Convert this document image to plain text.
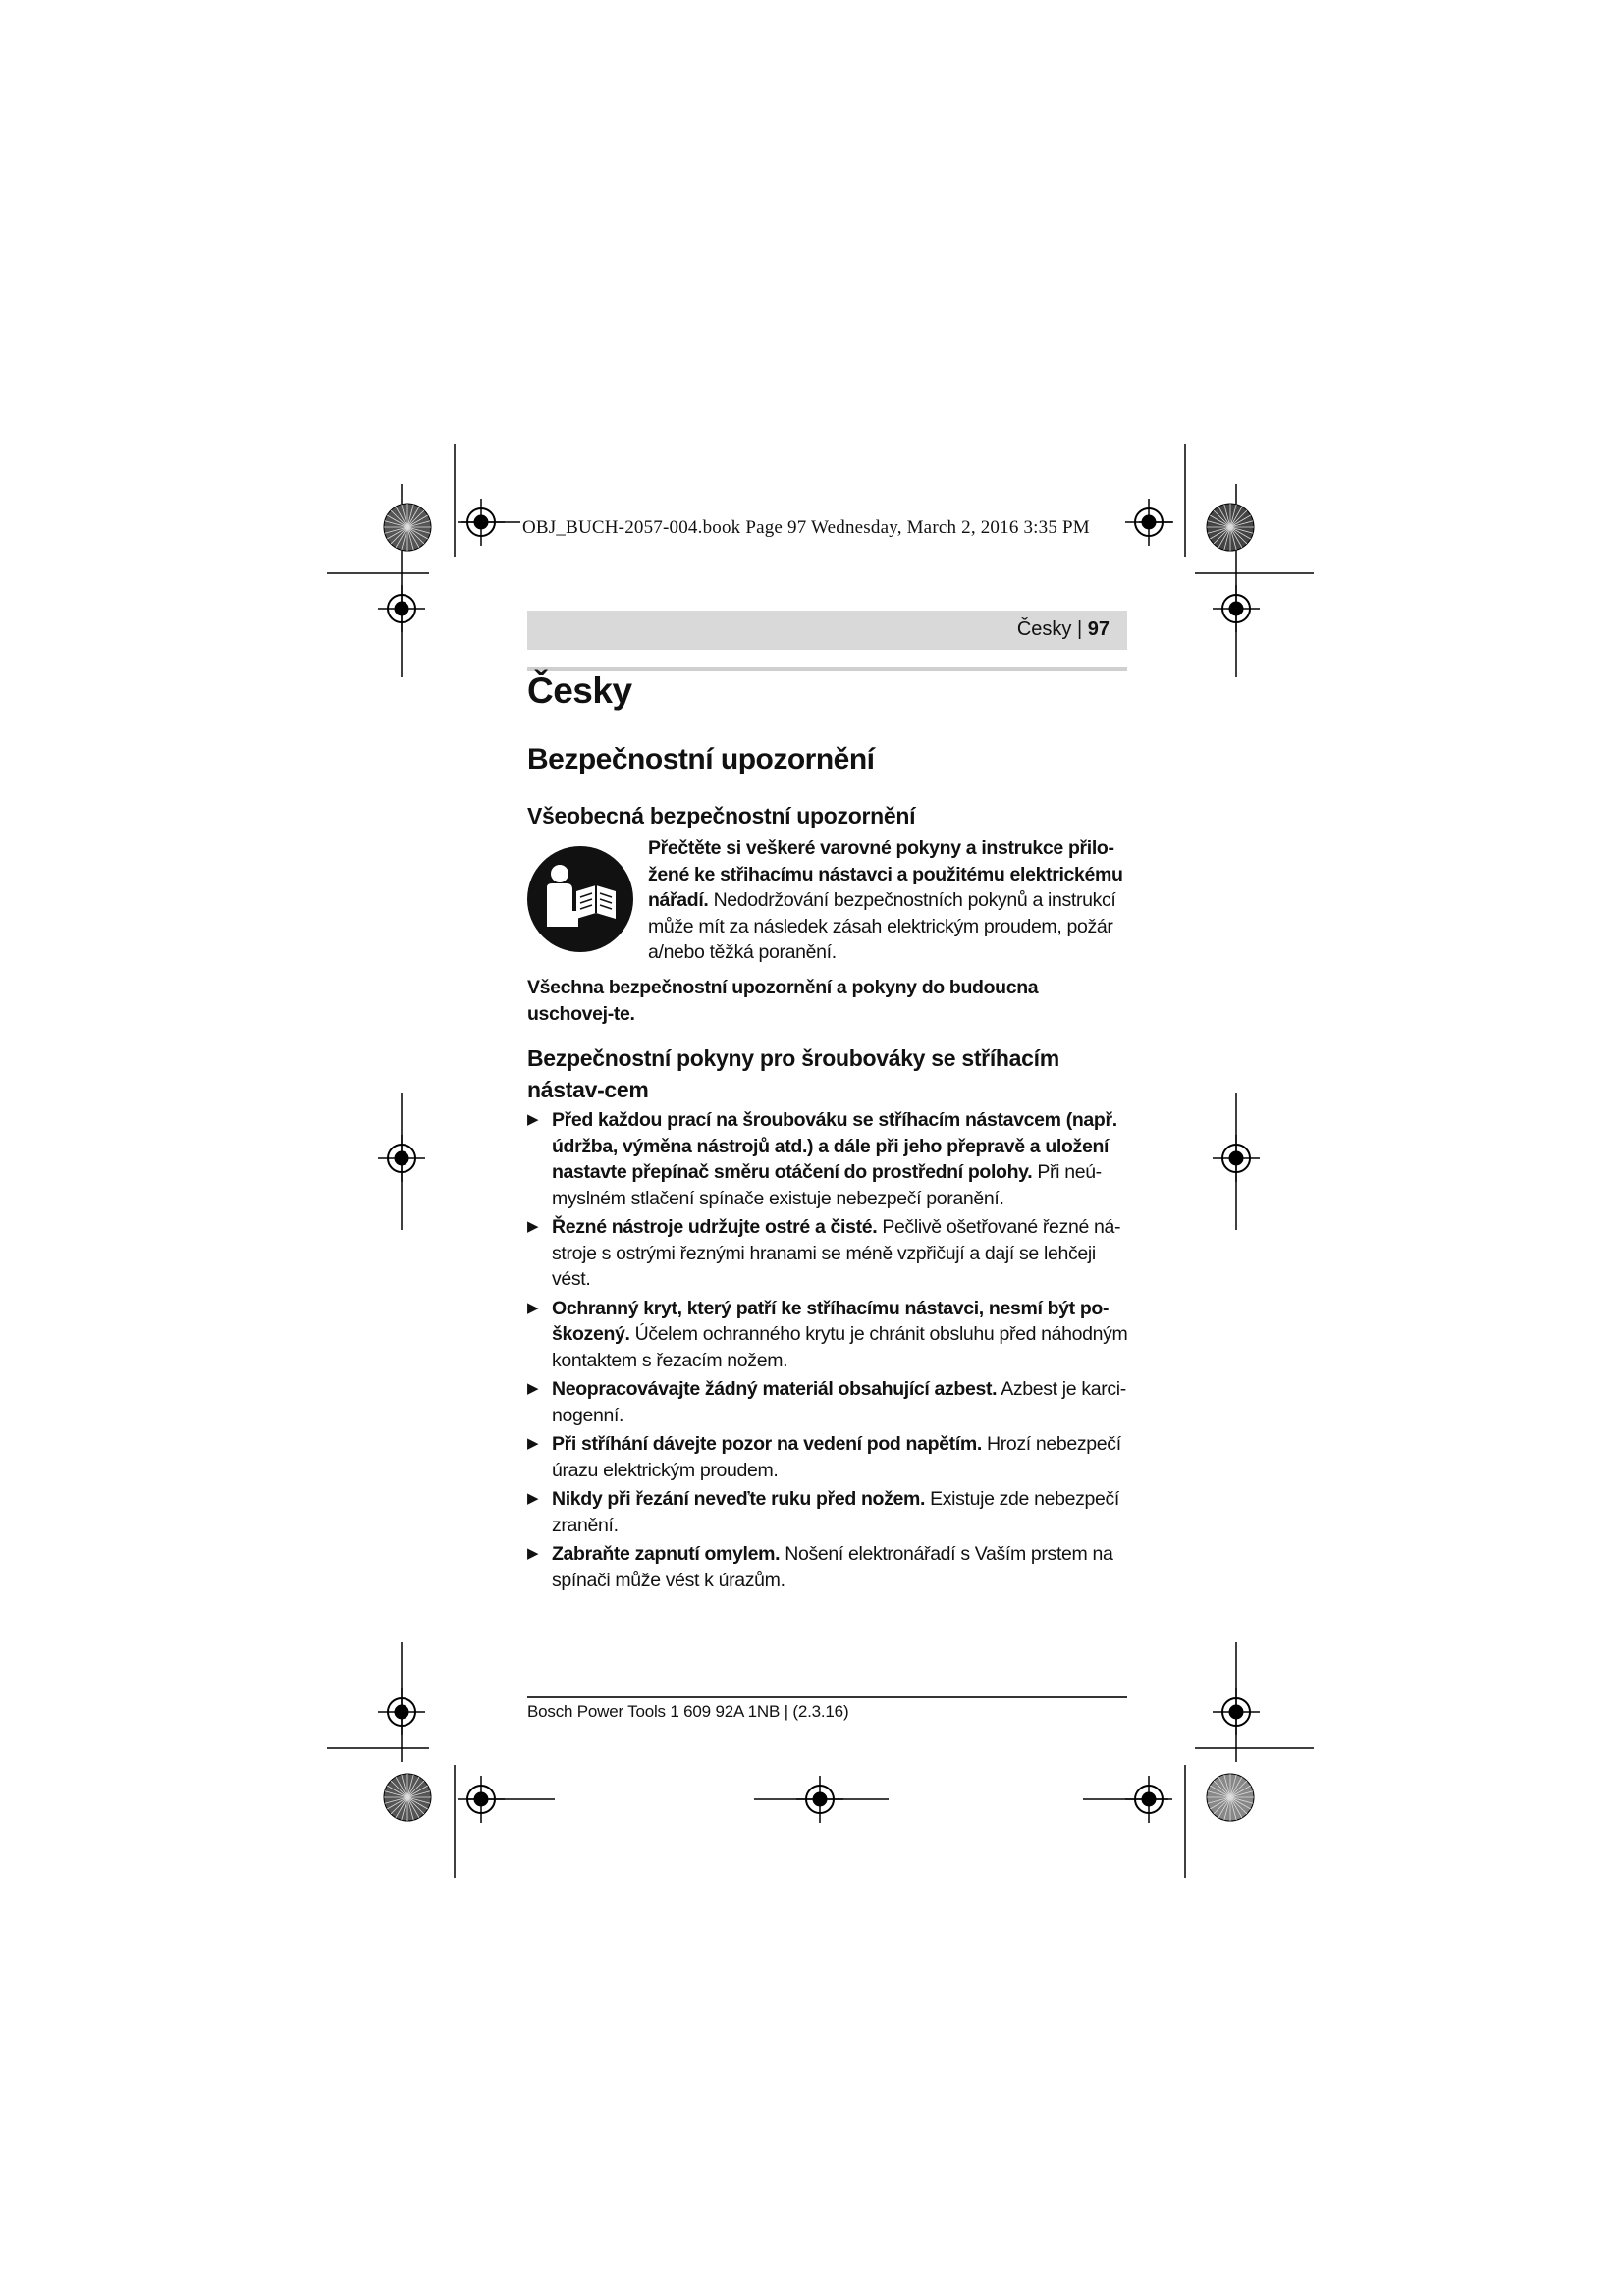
OBJ_BUCH-2057-004.book Page 97 Wednesday, March 2, 2016 3:35 PM
Česky | 97
Česky
Bezpečnostní upozornění
Všeobecná bezpečnostní upozornění
Přečtěte si veškeré varovné pokyny a instrukce přilo-žené ke střihacímu nástavci a použitému elektrickému nářadí. Nedodržování bezpečnostních pokynů a instrukcí může mít za následek zásah elektrickým proudem, požár a/nebo těžká poranění.
Všechna bezpečnostní upozornění a pokyny do budoucna uschovej-te.
Bezpečnostní pokyny pro šroubováky se stříhacím nástav-cem
▶ Před každou prací na šroubováku se stříhacím nástavcem (např. údržba, výměna nástrojů atd.) a dále při jeho přepravě a uložení nastavte přepínač směru otáčení do prostřední polohy. Při neú-myslném stlačení spínače existuje nebezpečí poranění.
▶ Řezné nástroje udržujte ostré a čisté. Pečlivě ošetřované řezné ná-stroje s ostrými řeznými hranami se méně vzpřičují a dají se lehčeji vést.
▶ Ochranný kryt, který patří ke stříhacímu nástavci, nesmí být po-škozený. Účelem ochranného krytu je chránit obsluhu před náhodným kontaktem s řezacím nožem.
▶ Neopracovávajte žádný materiál obsahující azbest. Azbest je karci-nogenní.
▶ Při stříhání dávejte pozor na vedení pod napětím. Hrozí nebezpečí úrazu elektrickým proudem.
▶ Nikdy při řezání neveďte ruku před nožem. Existuje zde nebezpečí zranění.
▶ Zabraňte zapnutí omylem. Nošení elektronářadí s Vaším prstem na spínači může vést k úrazům.
Bosch Power Tools 1 609 92A 1NB | (2.3.16)
